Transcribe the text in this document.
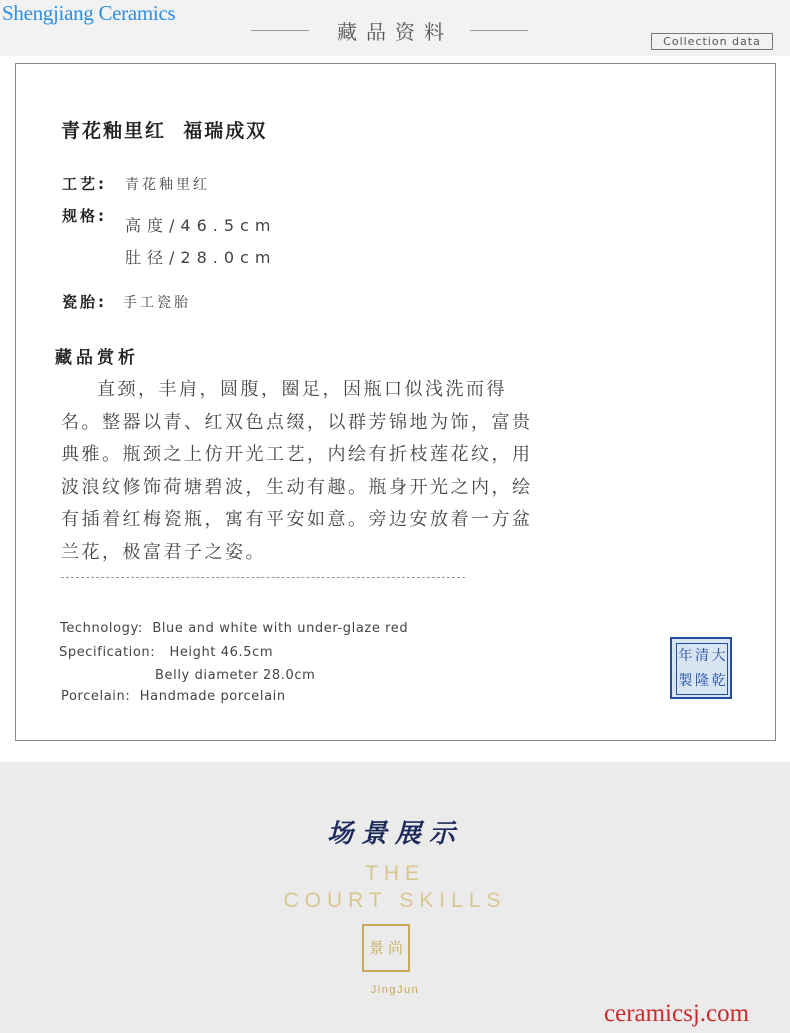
藏品资料	Collection data
Shengjiang Ceramics
青花釉里红  福瑞成双
工艺: 青花釉里红
规格: 高度/46.5cm
肚径/28.0cm
瓷胎: 手工瓷胎
藏品赏析
直颈，丰肩，圆腹，圈足，因瓶口似浅洗而得名。整器以青、红双色点缀，以群芳锦地为饰，富贵典雅。瓶颈之上仿开光工艺，内绘有折枝莲花纹，用波浪纹修饰荷塘碧波，生动有趣。瓶身开光之内，绘有插着红梅瓷瓶，寓有平安如意。旁边安放着一方盆兰花，极富君子之姿。
Technology:  Blue and white with under-glaze red
Specification:   Height 46.5cm
Belly diameter 28.0cm
Porcelain:  Handmade porcelain
年 清 大
製 隆 乾
场景展示
THE
COURT SKILLS
景 尚
JingJun
ceramicsj.com
